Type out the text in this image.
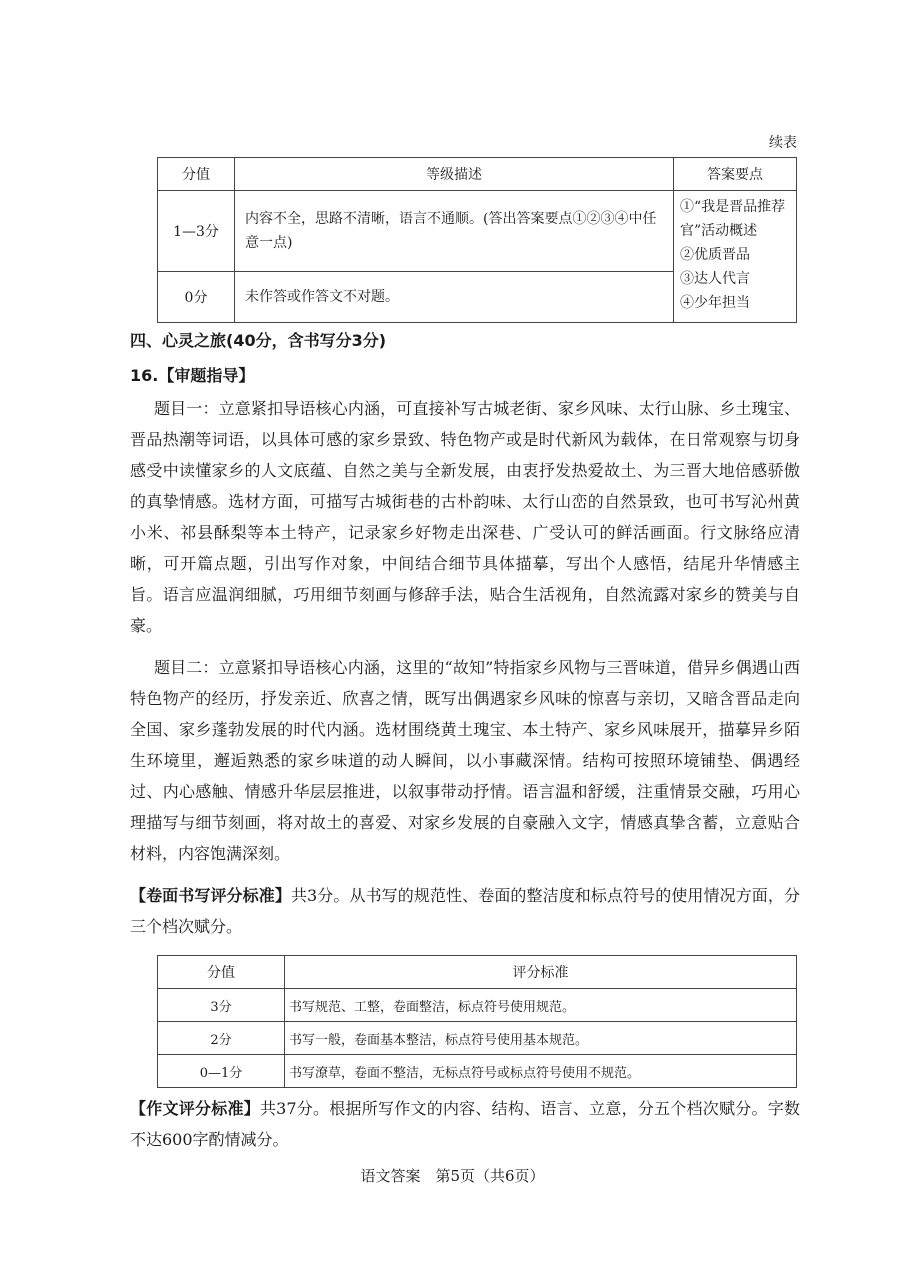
续表
分值	等级描述	答案要点
1—3分	内容不全，思路不清晰，语言不通顺。(答出答案要点①②③④中任意一点)	①“我是晋品推荐官”活动概述
②优质晋品
③达人代言
④少年担当

0分	未作答或作答文不对题。	
四、心灵之旅(40分，含书写分3分)
16.【审题指导】

题目一：立意紧扣导语核心内涵，可直接补写古城老街、家乡风味、太行山脉、乡土瑰宝、晋品热潮等词语，以具体可感的家乡景致、特色物产或是时代新风为载体，在日常观察与切身感受中读懂家乡的人文底蕴、自然之美与全新发展，由衷抒发热爱故土、为三晋大地倍感骄傲的真挚情感。选材方面，可描写古城街巷的古朴韵味、太行山峦的自然景致，也可书写沁州黄小米、祁县酥梨等本土特产，记录家乡好物走出深巷、广受认可的鲜活画面。行文脉络应清晰，可开篇点题，引出写作对象，中间结合细节具体描摹，写出个人感悟，结尾升华情感主旨。语言应温润细腻，巧用细节刻画与修辞手法，贴合生活视角，自然流露对家乡的赞美与自豪。

题目二：立意紧扣导语核心内涵，这里的“故知”特指家乡风物与三晋味道，借异乡偶遇山西特色物产的经历，抒发亲近、欣喜之情，既写出偶遇家乡风味的惊喜与亲切，又暗含晋品走向全国、家乡蓬勃发展的时代内涵。选材围绕黄土瑰宝、本土特产、家乡风味展开，描摹异乡陌生环境里，邂逅熟悉的家乡味道的动人瞬间，以小事藏深情。结构可按照环境铺垫、偶遇经过、内心感触、情感升华层层推进，以叙事带动抒情。语言温和舒缓，注重情景交融，巧用心理描写与细节刻画，将对故土的喜爱、对家乡发展的自豪融入文字，情感真挚含蓄，立意贴合材料，内容饱满深刻。

【卷面书写评分标准】共3分。从书写的规范性、卷面的整洁度和标点符号的使用情况方面，分三个档次赋分。

分值	评分标准
3分	书写规范、工整，卷面整洁，标点符号使用规范。
2分	书写一般，卷面基本整洁，标点符号使用基本规范。
0—1分	书写潦草，卷面不整洁，无标点符号或标点符号使用不规范。

【作文评分标准】共37分。根据所写作文的内容、结构、语言、立意，分五个档次赋分。字数不达600字酌情减分。

语文答案　第5页（共6页）
